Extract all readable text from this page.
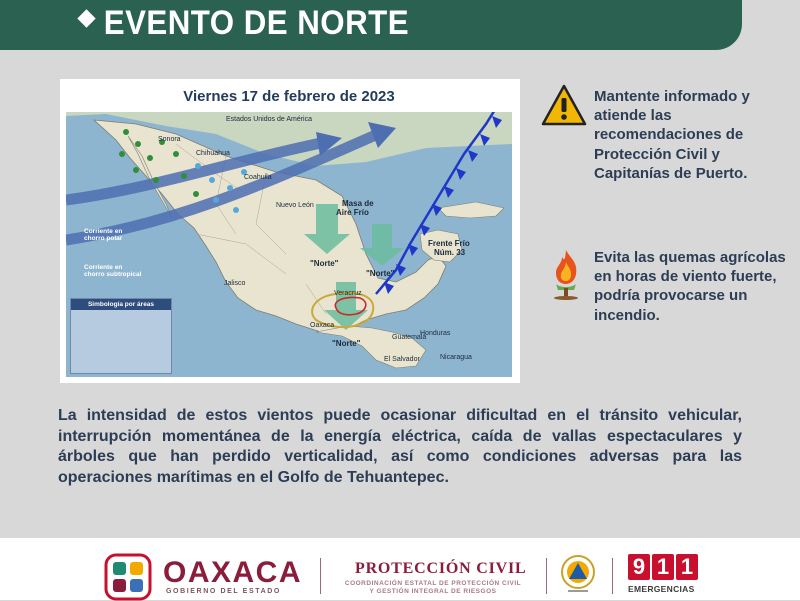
EVENTO DE NORTE
Estados Unidos de América
Sonora
Chihuahua
Coahuila
Nuevo León	Masa de
Aire Frío
Corriente en
chorro polar
Corriente en
chorro subtropical
Frente Frío
Núm. 33
"Norte"
"Norte"
"Norte"
Jalisco
Oaxaca
Veracruz
Guatemala
Honduras
El Salvador	Nicaragua
Simbología por áreas
Viernes 17 de febrero de 2023	Mantente informado y atiende las recomendaciones de Protección Civil y Capitanías de Puerto.
Evita las quemas agrícolas en horas de viento fuerte, podría provocarse un incendio.
La intensidad de estos vientos puede ocasionar dificultad en el tránsito vehicular, interrupción momentánea de la energía eléctrica, caída de vallas espectaculares y árboles que han perdido verticalidad, así como condiciones adversas para las operaciones marítimas en el Golfo de Tehuantepec.
OAXACA
GOBIERNO DEL ESTADO
PROTECCIÓN CIVIL
COORDINACIÓN ESTATAL DE PROTECCIÓN CIVIL
Y GESTIÓN INTEGRAL DE RIESGOS
9 1 1
EMERGENCIAS
